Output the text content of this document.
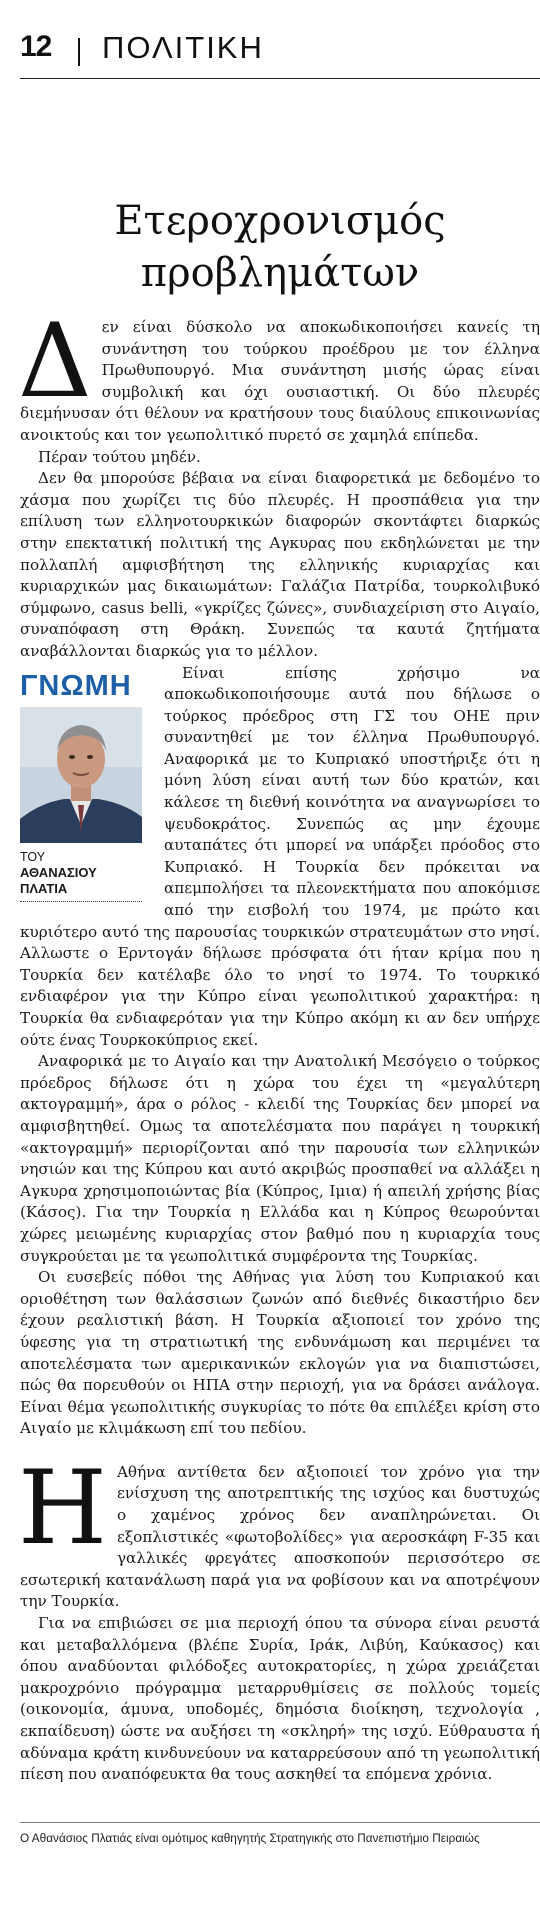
12 ΠΟΛΙΤΙΚΗ
Ετεροχρονισμός
προβλημάτων

Δεν είναι δύσκολο να αποκωδικοποιήσει κανείς τη συνάντηση του τούρκου προέδρου με τον έλληνα Πρωθυπουργό. Μια συνάντηση μισής ώρας είναι συμβολική και όχι ουσιαστική. Οι δύο πλευρές διεμήνυσαν ότι θέλουν να κρατήσουν τους διαύλους επικοινωνίας ανοικτούς και τον γεωπολιτικό πυρετό σε χαμηλά επίπεδα.

Πέραν τούτου μηδέν.

Δεν θα μπορούσε βέβαια να είναι διαφορετικά με δεδομένο το χάσμα που χωρίζει τις δύο πλευρές. Η προσπάθεια για την επίλυση των ελληνοτουρκικών διαφορών σκοντάφτει διαρκώς στην επεκτατική πολιτική της Αγκυρας που εκδηλώνεται με την πολλαπλή αμφισβήτηση της ελληνικής κυριαρχίας και κυριαρχικών μας δικαιωμάτων: Γαλάζια Πατρίδα, τουρκολιβυκό σύμφωνο, casus belli, «γκρίζες ζώνες», συνδιαχείριση στο Αιγαίο, συναπόφαση στη Θράκη. Συνεπώς τα καυτά ζητήματα αναβάλλονται διαρκώς για το μέλλον.

ΓΝΩΜΗ
ΤΟΥ
ΑΘΑΝΑΣΙΟΥ
ΠΛΑΤΙΑ

Είναι επίσης χρήσιμο να αποκωδικοποιήσουμε αυτά που δήλωσε ο τούρκος πρόεδρος στη ΓΣ του ΟΗΕ πριν συναντηθεί με τον έλληνα Πρωθυπουργό. Αναφορικά με το Κυπριακό υποστήριξε ότι η μόνη λύση είναι αυτή των δύο κρατών, και κάλεσε τη διεθνή κοινότητα να αναγνωρίσει το ψευδοκράτος. Συνεπώς ας μην έχουμε αυταπάτες ότι μπορεί να υπάρξει πρόοδος στο Κυπριακό. Η Τουρκία δεν πρόκειται να απεμπολήσει τα πλεονεκτήματα που αποκόμισε από την εισβολή του 1974, με πρώτο και κυριότερο αυτό της παρουσίας τουρκικών στρατευμάτων στο νησί. Αλλωστε ο Ερντογάν δήλωσε πρόσφατα ότι ήταν κρίμα που η Τουρκία δεν κατέλαβε όλο το νησί το 1974. Το τουρκικό ενδιαφέρον για την Κύπρο είναι γεωπολιτικού χαρακτήρα: η Τουρκία θα ενδιαφερόταν για την Κύπρο ακόμη κι αν δεν υπήρχε ούτε ένας Τουρκοκύπριος εκεί.

Αναφορικά με το Αιγαίο και την Ανατολική Μεσόγειο ο τούρκος πρόεδρος δήλωσε ότι η χώρα του έχει τη «μεγαλύτερη ακτογραμμή», άρα ο ρόλος - κλειδί της Τουρκίας δεν μπορεί να αμφισβητηθεί. Ομως τα αποτελέσματα που παράγει η τουρκική «ακτογραμμή» περιορίζονται από την παρουσία των ελληνικών νησιών και της Κύπρου και αυτό ακριβώς προσπαθεί να αλλάξει η Αγκυρα χρησιμοποιώντας βία (Κύπρος, Ιμια) ή απειλή χρήσης βίας (Κάσος). Για την Τουρκία η Ελλάδα και η Κύπρος θεωρούνται χώρες μειωμένης κυριαρχίας στον βαθμό που η κυριαρχία τους συγκρούεται με τα γεωπολιτικά συμφέροντα της Τουρκίας.

Οι ευσεβείς πόθοι της Αθήνας για λύση του Κυπριακού και οριοθέτηση των θαλάσσιων ζωνών από διεθνές δικαστήριο δεν έχουν ρεαλιστική βάση. Η Τουρκία αξιοποιεί τον χρόνο της ύφεσης για τη στρατιωτική της ενδυνάμωση και περιμένει τα αποτελέσματα των αμερικανικών εκλογών για να διαπιστώσει, πώς θα πορευθούν οι ΗΠΑ στην περιοχή, για να δράσει ανάλογα. Είναι θέμα γεωπολιτικής συγκυρίας το πότε θα επιλέξει κρίση στο Αιγαίο με κλιμάκωση επί του πεδίου.

Η Αθήνα αντίθετα δεν αξιοποιεί τον χρόνο για την ενίσχυση της αποτρεπτικής της ισχύος και δυστυχώς ο χαμένος χρόνος δεν αναπληρώνεται. Οι εξοπλιστικές «φωτοβολίδες» για αεροσκάφη F-35 και γαλλικές φρεγάτες αποσκοπούν περισσότερο σε εσωτερική κατανάλωση παρά για να φοβίσουν και να αποτρέψουν την Τουρκία.

Για να επιβιώσει σε μια περιοχή όπου τα σύνορα είναι ρευστά και μεταβαλλόμενα (βλέπε Συρία, Ιράκ, Λιβύη, Καύκασος) και όπου αναδύονται φιλόδοξες αυτοκρατορίες, η χώρα χρειάζεται μακροχρόνιο πρόγραμμα μεταρρυθμίσεις σε πολλούς τομείς (οικονομία, άμυνα, υποδομές, δημόσια διοίκηση, τεχνολογία , εκπαίδευση) ώστε να αυξήσει τη «σκληρή» της ισχύ. Εύθραυστα ή αδύναμα κράτη κινδυνεύουν να καταρρεύσουν από τη γεωπολιτική πίεση που αναπόφευκτα θα τους ασκηθεί τα επόμενα χρόνια.

Ο Αθανάσιος Πλατιάς είναι ομότιμος καθηγητής Στρατηγικής στο Πανεπιστήμιο Πειραιώς
